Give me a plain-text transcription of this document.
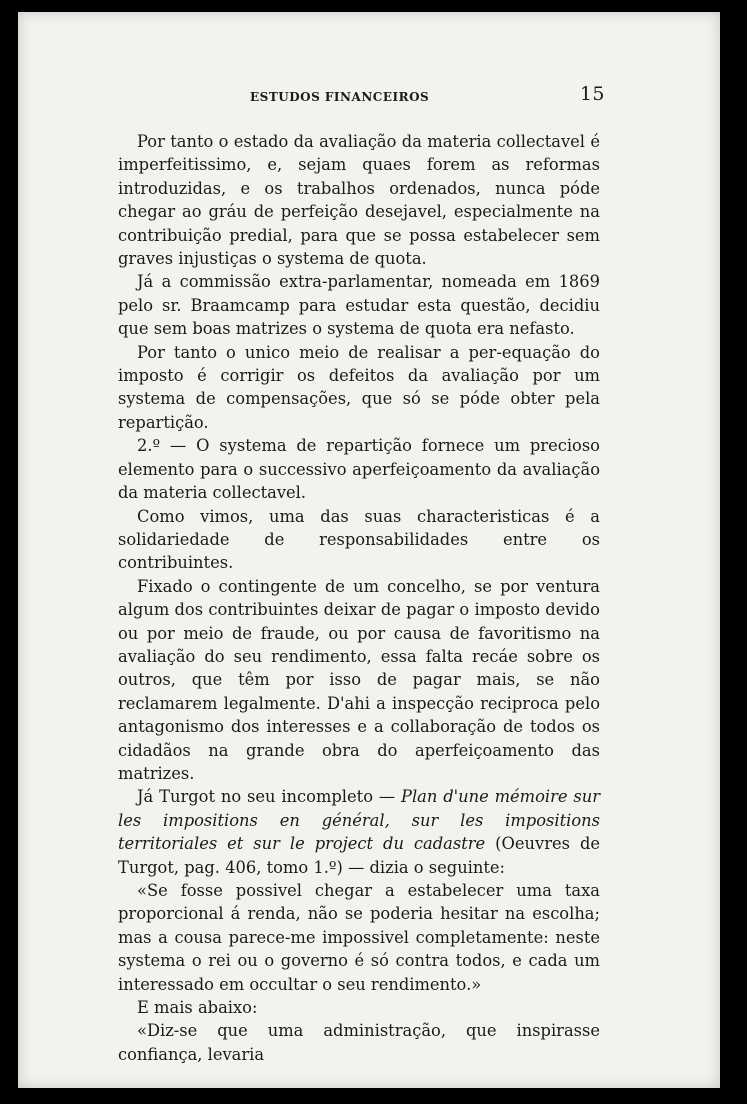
ESTUDOS FINANCEIROS	15

Por tanto o estado da avaliação da materia collectavel é imperfeitissimo, e, sejam quaes forem as reformas introduzidas, e os trabalhos ordenados, nunca póde chegar ao gráu de perfeição desejavel, especialmente na contribuição predial, para que se possa estabelecer sem graves injustiças o systema de quota.

Já a commissão extra-parlamentar, nomeada em 1869 pelo sr. Braamcamp para estudar esta questão, decidiu que sem boas matrizes o systema de quota era nefasto.

Por tanto o unico meio de realisar a per-equação do imposto é corrigir os defeitos da avaliação por um systema de compensações, que só se póde obter pela repartição.

2.º — O systema de repartição fornece um precioso elemento para o successivo aperfeiçoamento da avaliação da materia collectavel.

Como vimos, uma das suas characteristicas é a solidariedade de responsabilidades entre os contribuintes.

Fixado o contingente de um concelho, se por ventura algum dos contribuintes deixar de pagar o imposto devido ou por meio de fraude, ou por causa de favoritismo na avaliação do seu rendimento, essa falta recáe sobre os outros, que têm por isso de pagar mais, se não reclamarem legalmente. D'ahi a inspecção reciproca pelo antagonismo dos interesses e a collaboração de todos os cidadãos na grande obra do aperfeiçoamento das matrizes.

Já Turgot no seu incompleto — Plan d'une mémoire sur les impositions en général, sur les impositions territoriales et sur le project du cadastre (Oeuvres de Turgot, pag. 406, tomo 1.º) — dizia o seguinte:

«Se fosse possivel chegar a estabelecer uma taxa proporcional á renda, não se poderia hesitar na escolha; mas a cousa parece-me impossivel completamente: neste systema o rei ou o governo é só contra todos, e cada um interessado em occultar o seu rendimento.»

E mais abaixo:

«Diz-se que uma administração, que inspirasse confiança, levaria
